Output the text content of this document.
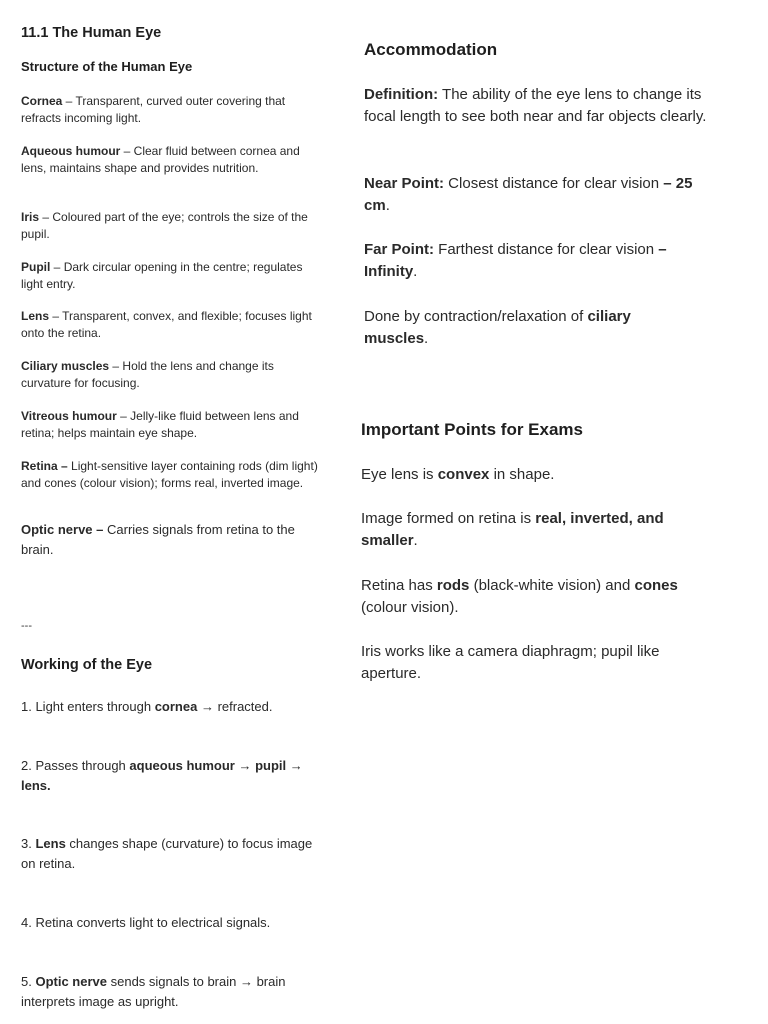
11.1 The Human Eye
Structure of the Human Eye
Cornea – Transparent, curved outer covering that refracts incoming light.
Aqueous humour – Clear fluid between cornea and lens, maintains shape and provides nutrition.
Iris – Coloured part of the eye; controls the size of the pupil.
Pupil – Dark circular opening in the centre; regulates light entry.
Lens – Transparent, convex, and flexible; focuses light onto the retina.
Ciliary muscles – Hold the lens and change its curvature for focusing.
Vitreous humour – Jelly-like fluid between lens and retina; helps maintain eye shape.
Retina – Light-sensitive layer containing rods (dim light) and cones (colour vision); forms real, inverted image.
Optic nerve – Carries signals from retina to the brain.
---
Working of the Eye
1. Light enters through cornea → refracted.
2. Passes through aqueous humour → pupil → lens.
3. Lens changes shape (curvature) to focus image on retina.
4. Retina converts light to electrical signals.
5. Optic nerve sends signals to brain → brain interprets image as upright.
Accommodation
Definition: The ability of the eye lens to change its focal length to see both near and far objects clearly.
Near Point: Closest distance for clear vision – 25 cm.
Far Point: Farthest distance for clear vision – Infinity.
Done by contraction/relaxation of ciliary muscles.
Important Points for Exams
Eye lens is convex in shape.
Image formed on retina is real, inverted, and smaller.
Retina has rods (black-white vision) and cones (colour vision).
Iris works like a camera diaphragm; pupil like aperture.
